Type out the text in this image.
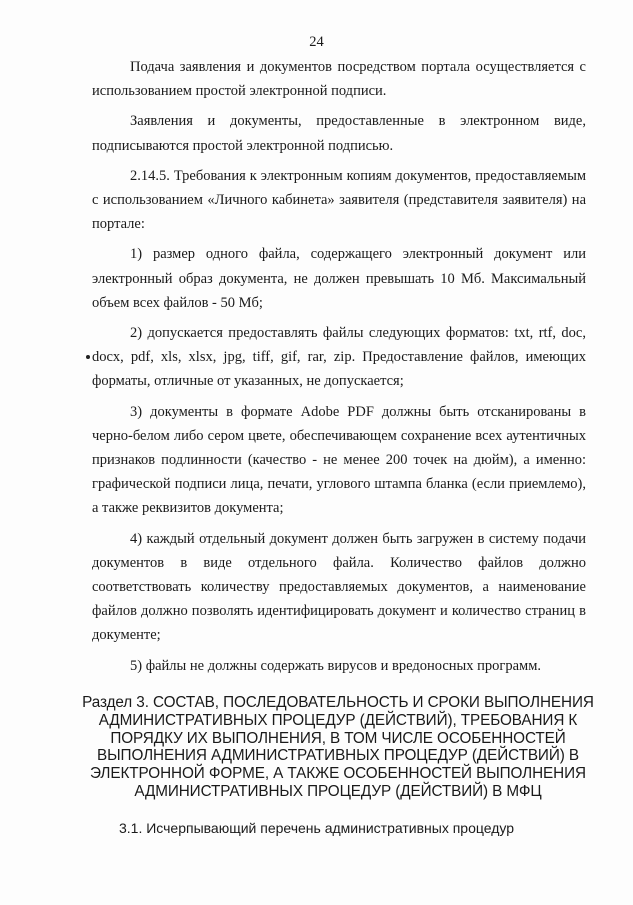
24

Подача заявления и документов посредством портала осуществляется с использованием простой электронной подписи.

Заявления и документы, предоставленные в электронном виде, подписываются простой электронной подписью.

2.14.5. Требования к электронным копиям документов, предоставляемым с использованием «Личного кабинета» заявителя (представителя заявителя) на портале:

1) размер одного файла, содержащего электронный документ или электронный образ документа, не должен превышать 10 Мб. Максимальный объем всех файлов - 50 Мб;

2) допускается предоставлять файлы следующих форматов: txt, rtf, doc, docx, pdf, xls, xlsx, jpg, tiff, gif, rar, zip. Предоставление файлов, имеющих форматы, отличные от указанных, не допускается;

3) документы в формате Adobe PDF должны быть отсканированы в черно-белом либо сером цвете, обеспечивающем сохранение всех аутентичных признаков подлинности (качество - не менее 200 точек на дюйм), а именно: графической подписи лица, печати, углового штампа бланка (если приемлемо), а также реквизитов документа;

4) каждый отдельный документ должен быть загружен в систему подачи документов в виде отдельного файла. Количество файлов должно соответствовать количеству предоставляемых документов, а наименование файлов должно позволять идентифицировать документ и количество страниц в документе;

5) файлы не должны содержать вирусов и вредоносных программ.

Раздел 3. СОСТАВ, ПОСЛЕДОВАТЕЛЬНОСТЬ И СРОКИ ВЫПОЛНЕНИЯ АДМИНИСТРАТИВНЫХ ПРОЦЕДУР (ДЕЙСТВИЙ), ТРЕБОВАНИЯ К ПОРЯДКУ ИХ ВЫПОЛНЕНИЯ, В ТОМ ЧИСЛЕ ОСОБЕННОСТЕЙ ВЫПОЛНЕНИЯ АДМИНИСТРАТИВНЫХ ПРОЦЕДУР (ДЕЙСТВИЙ) В ЭЛЕКТРОННОЙ ФОРМЕ, А ТАКЖЕ ОСОБЕННОСТЕЙ ВЫПОЛНЕНИЯ АДМИНИСТРАТИВНЫХ ПРОЦЕДУР (ДЕЙСТВИЙ) В МФЦ
3.1. Исчерпывающий перечень административных процедур
